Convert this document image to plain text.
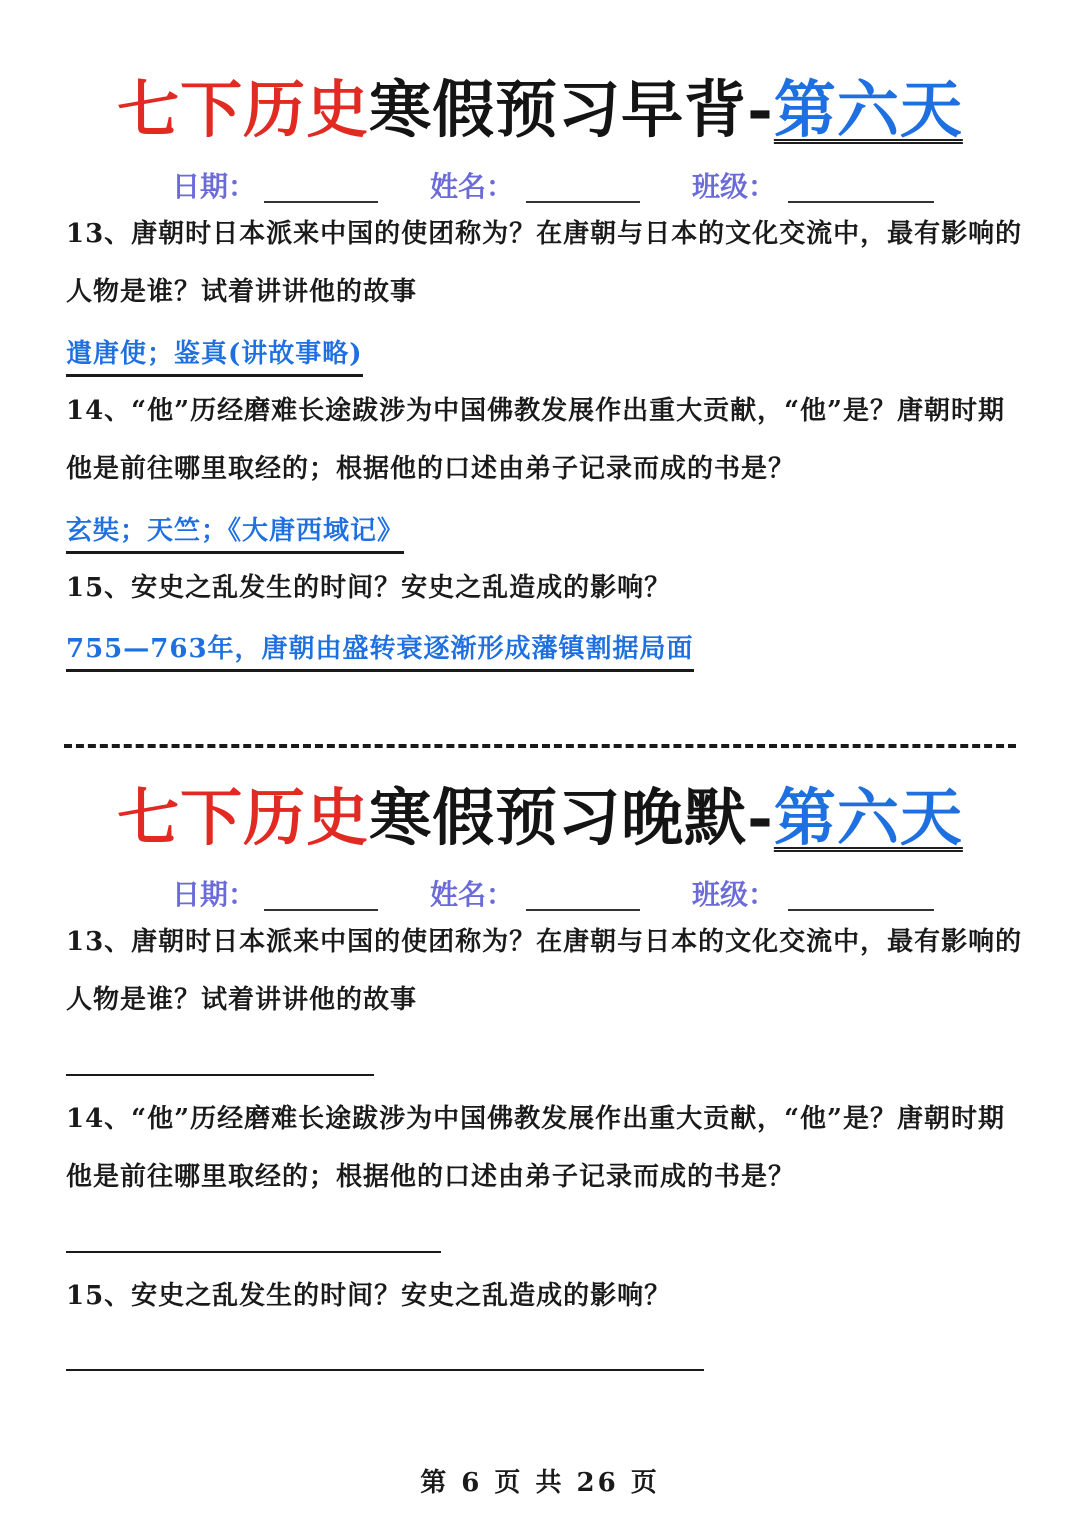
七下历史寒假预习早背-第六天
日期：	姓名：	班级：
13、唐朝时日本派来中国的使团称为？在唐朝与日本的文化交流中，最有影响的人物是谁？试着讲讲他的故事
遣唐使；鉴真(讲故事略)
14、“他”历经磨难长途跋涉为中国佛教发展作出重大贡献，“他”是？唐朝时期他是前往哪里取经的；根据他的口述由弟子记录而成的书是？
玄奘；天竺；《大唐西域记》
15、安史之乱发生的时间？安史之乱造成的影响？
755—763年，唐朝由盛转衰逐渐形成藩镇割据局面
七下历史寒假预习晚默-第六天
日期：	姓名：	班级：
13、唐朝时日本派来中国的使团称为？在唐朝与日本的文化交流中，最有影响的人物是谁？试着讲讲他的故事
14、“他”历经磨难长途跋涉为中国佛教发展作出重大贡献，“他”是？唐朝时期他是前往哪里取经的；根据他的口述由弟子记录而成的书是？
15、安史之乱发生的时间？安史之乱造成的影响？
第 6 页 共 26 页
